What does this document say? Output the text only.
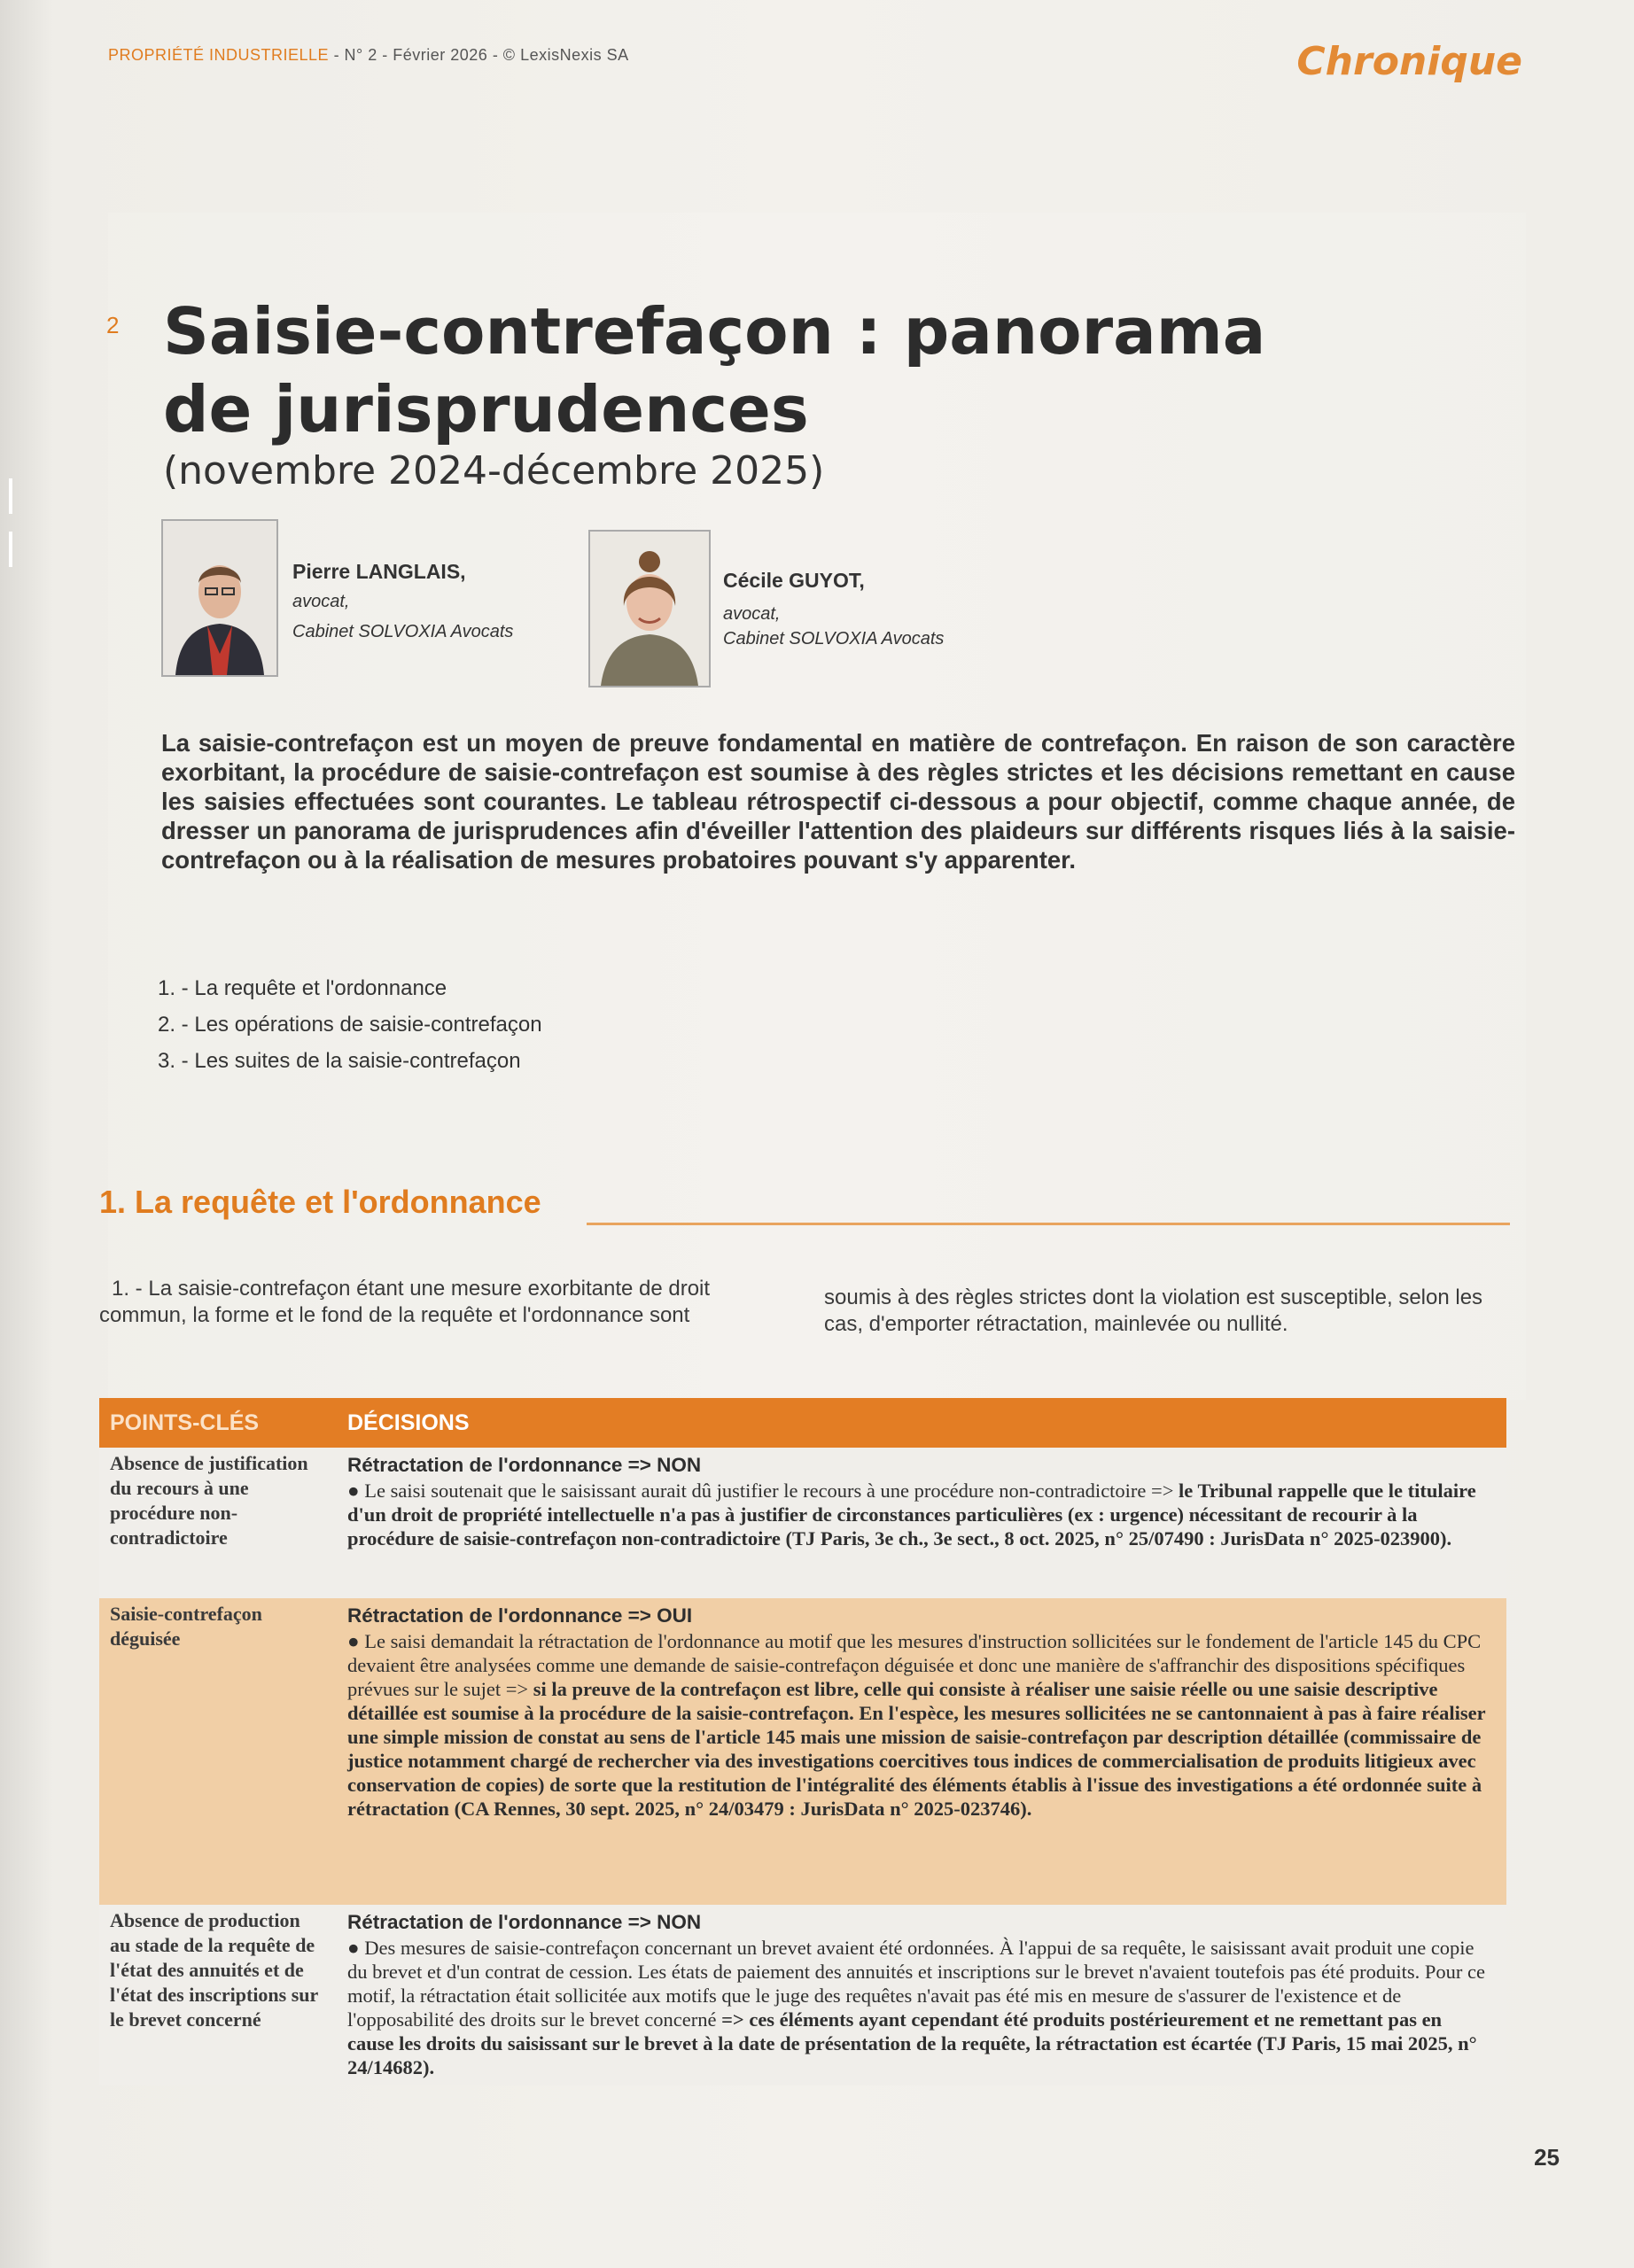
PROPRIÉTÉ INDUSTRIELLE - N° 2 - Février 2026 - © LexisNexis SA	Chronique
2 Saisie-contrefaçon : panorama de jurisprudences
(novembre 2024-décembre 2025)
Pierre LANGLAIS,
avocat,
Cabinet SOLVOXIA Avocats
Cécile GUYOT,
avocat,
Cabinet SOLVOXIA Avocats

La saisie-contrefaçon est un moyen de preuve fondamental en matière de contrefaçon. En raison de son caractère exorbitant, la procédure de saisie-contrefaçon est soumise à des règles strictes et les décisions remettant en cause les saisies effectuées sont courantes. Le tableau rétrospectif ci-dessous a pour objectif, comme chaque année, de dresser un panorama de jurisprudences afin d'éveiller l'attention des plaideurs sur différents risques liés à la saisie-contrefaçon ou à la réalisation de mesures probatoires pouvant s'y apparenter.

1. - La requête et l'ordonnance
2. - Les opérations de saisie-contrefaçon
3. - Les suites de la saisie-contrefaçon
1. La requête et l'ordonnance

1. - La saisie-contrefaçon étant une mesure exorbitante de droit commun, la forme et le fond de la requête et l'ordonnance sont

soumis à des règles strictes dont la violation est susceptible, selon les cas, d'emporter rétractation, mainlevée ou nullité.

POINTS-CLÉS	DÉCISIONS
Absence de justification du recours à une procédure non-contradictoire
Rétractation de l'ordonnance => NON
● Le saisi soutenait que le saisissant aurait dû justifier le recours à une procédure non-contradictoire => le Tribunal rappelle que le titulaire d'un droit de propriété intellectuelle n'a pas à justifier de circonstances particulières (ex : urgence) nécessitant de recourir à la procédure de saisie-contrefaçon non-contradictoire (TJ Paris, 3e ch., 3e sect., 8 oct. 2025, n° 25/07490 : JurisData n° 2025-023900).
Saisie-contrefaçon déguisée
Rétractation de l'ordonnance => OUI
● Le saisi demandait la rétractation de l'ordonnance au motif que les mesures d'instruction sollicitées sur le fondement de l'article 145 du CPC devaient être analysées comme une demande de saisie-contrefaçon déguisée et donc une manière de s'affranchir des dispositions spécifiques prévues sur le sujet => si la preuve de la contrefaçon est libre, celle qui consiste à réaliser une saisie réelle ou une saisie descriptive détaillée est soumise à la procédure de la saisie-contrefaçon. En l'espèce, les mesures sollicitées ne se cantonnaient à pas à faire réaliser une simple mission de constat au sens de l'article 145 mais une mission de saisie-contrefaçon par description détaillée (commissaire de justice notamment chargé de rechercher via des investigations coercitives tous indices de commercialisation de produits litigieux avec conservation de copies) de sorte que la restitution de l'intégralité des éléments établis à l'issue des investigations a été ordonnée suite à rétractation (CA Rennes, 30 sept. 2025, n° 24/03479 : JurisData n° 2025-023746).
Absence de production au stade de la requête de l'état des annuités et de l'état des inscriptions sur le brevet concerné
Rétractation de l'ordonnance => NON
● Des mesures de saisie-contrefaçon concernant un brevet avaient été ordonnées. À l'appui de sa requête, le saisissant avait produit une copie du brevet et d'un contrat de cession. Les états de paiement des annuités et inscriptions sur le brevet n'avaient toutefois pas été produits. Pour ce motif, la rétractation était sollicitée aux motifs que le juge des requêtes n'avait pas été mis en mesure de s'assurer de l'existence et de l'opposabilité des droits sur le brevet concerné => ces éléments ayant cependant été produits postérieurement et ne remettant pas en cause les droits du saisissant sur le brevet à la date de présentation de la requête, la rétractation est écartée (TJ Paris, 15 mai 2025, n° 24/14682).
25
